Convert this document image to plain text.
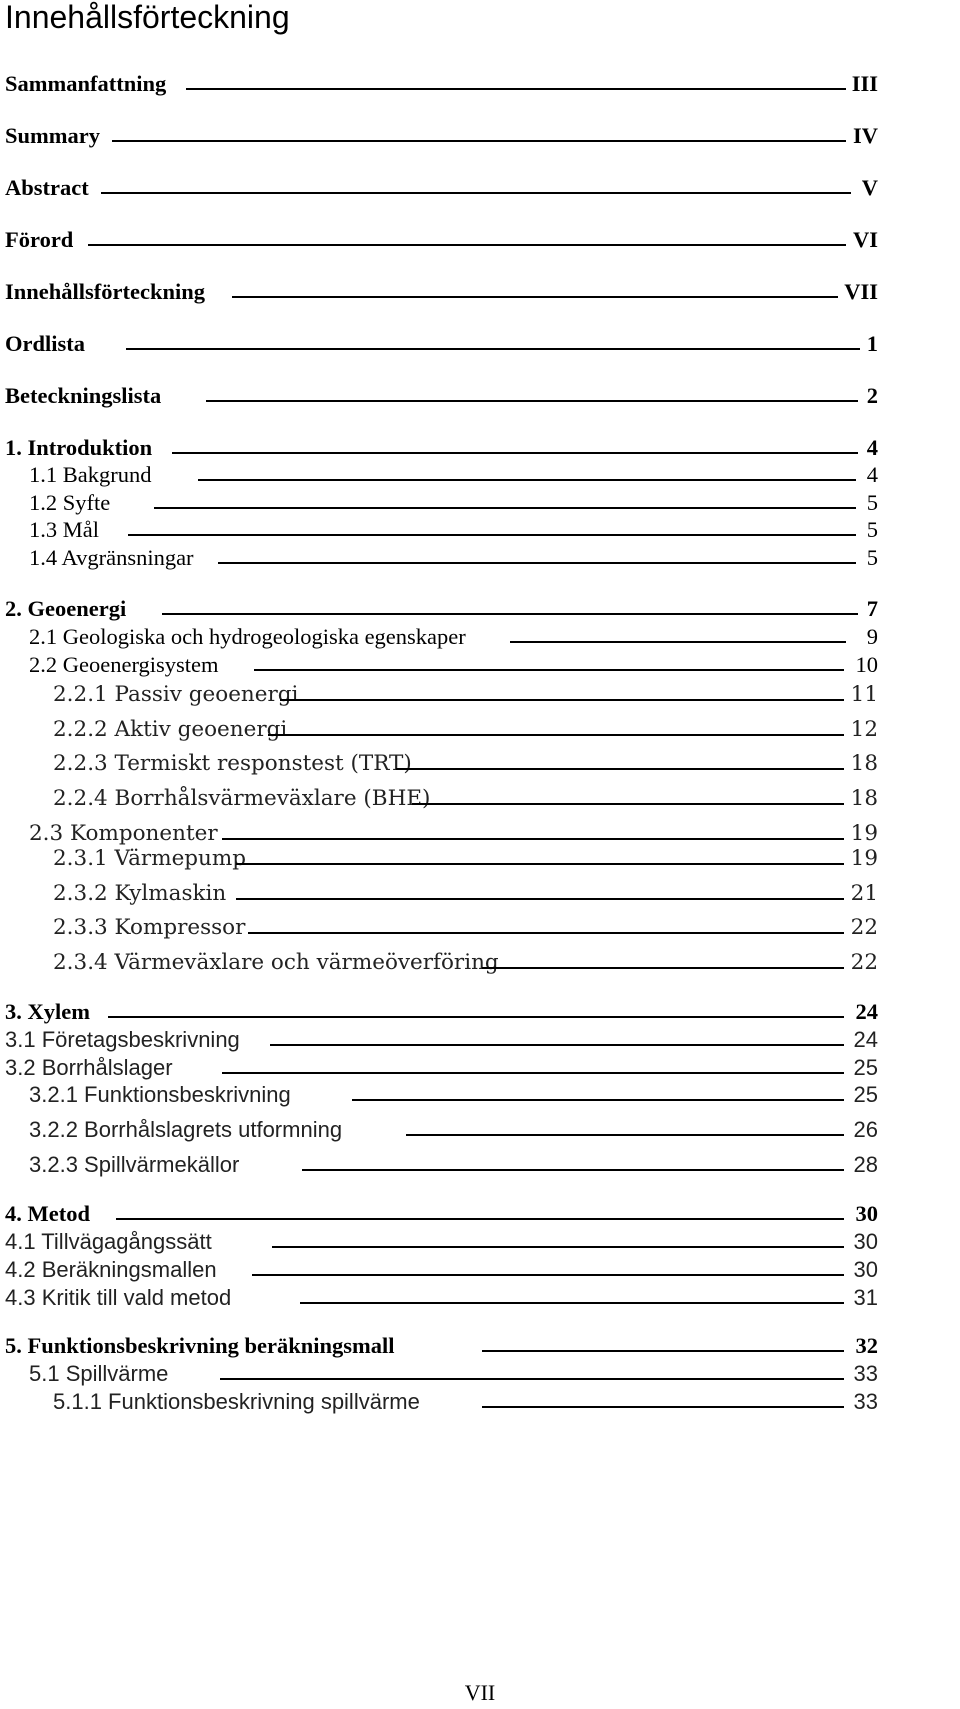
Innehållsförteckning
Sammanfattning	III
Summary	IV
Abstract	V
Förord	VI
Innehållsförteckning	VII
Ordlista	1
Beteckningslista	2
1. Introduktion	4
1.1 Bakgrund	4
1.2 Syfte	5
1.3 Mål	5
1.4 Avgränsningar	5
2. Geoenergi	7
2.1 Geologiska och hydrogeologiska egenskaper	9
2.2 Geoenergisystem	10
2.2.1 Passiv geoenergi	11
2.2.2 Aktiv geoenergi	12
2.2.3 Termiskt responstest (TRT)	18
2.2.4 Borrhålsvärmeväxlare (BHE)	18
2.3 Komponenter	19
2.3.1 Värmepump	19
2.3.2 Kylmaskin	21
2.3.3 Kompressor	22
2.3.4 Värmeväxlare och värmeöverföring	22
3. Xylem	24
3.1 Företagsbeskrivning	24
3.2 Borrhålslager	25
3.2.1 Funktionsbeskrivning	25
3.2.2 Borrhålslagrets utformning	26
3.2.3 Spillvärmekällor	28
4. Metod	30
4.1 Tillvägagångssätt	30
4.2 Beräkningsmallen	30
4.3 Kritik till vald metod	31
5. Funktionsbeskrivning beräkningsmall	32
5.1 Spillvärme	33
5.1.1 Funktionsbeskrivning spillvärme	33
VII
